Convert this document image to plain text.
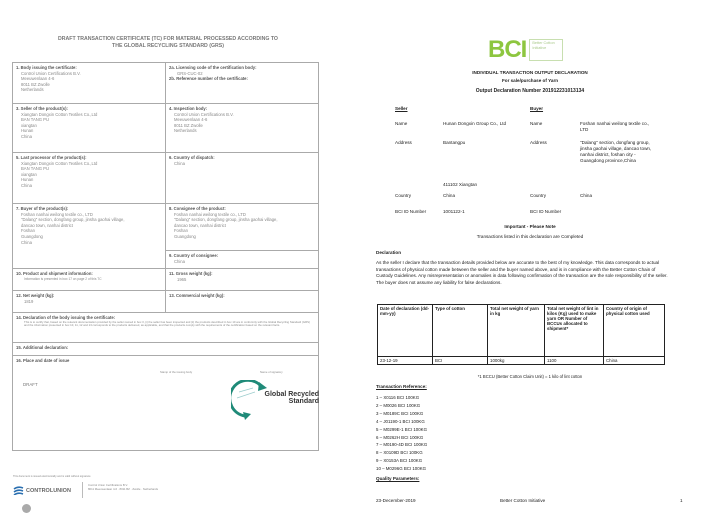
DRAFT TRANSACTION CERTIFICATE (TC) FOR MATERIAL PROCESSED ACCORDING TO
THE GLOBAL RECYCLING STANDARD (GRS)
1. Body issuing the certificate:
Control Union Certifications B.V.
Meeuwenlaan 4-6
8011 BZ Zwolle
Netherlands
2a. Licensing code of the certification body:
GRS-CUC-02
2b. Reference number of the certificate:
3. Seller of the product(s):
Xiangtan Dongxin Cotton Textiles Co.,Ltd
BAN TANG PU
xiangtan
Hunan
China
4. Inspection body:
Control Union Certifications B.V.
Meeuwenlaan 4-6
8011 BZ Zwolle
Netherlands
5. Last processor of the product(s):
Xiangtan Dongxin Cotton Textiles Co.,Ltd
BAN TANG PU
xiangtan
Hunan
China
6. Country of dispatch:
China
7. Buyer of the product(s):
Foshan nanhai weilong textile co., LTD
"Dalang" section, dongfang group, jinsha gaohai village,
dancao town, nanhai district
Foshan
Guangdong
China
8. Consignee of the product:
Foshan nanhai weilong textile co., LTD
"Dalang" section, dongfang group, jinsha gaohai village,
dancao town, nanhai district
Foshan
Guangdong
9. Country of consignee:
China
10. Product and shipment information:
Information is presented in box 17 on page 2 of this TC
11. Gross weight (kg):
1965
12. Net weight (kg):
1819
13. Commercial weight (kg):
14. Declaration of the body issuing the certificate:
This is to certify that, based on the relevant documentation provided by the seller named in box 3, (i) the seller has been inspected and (ii) the products described in box 10 are in conformity with the Global Recycling Standard (GRS) and the information presented in box 10, 11, 12 and 13 corresponds to the products delivered, as applicable, and that the products comply with the requirements of the certification based on the relevant facts.
15. Additional declaration:
16. Place and date of issue
Stamp of the issuing body	Name of signatory
DRAFT
Global Recycled Standard
This document is issued electronically and is valid without signature
CONTROLUNION
Control Union Certifications B.V.
8011 Meeuwenlaan 4-6 · 8011 BZ · Zwolle · Netherlands
BCI	Better Cotton Initiative
INDIVIDUAL TRANSACTION OUTPUT DECLARATION
For sale/purchase of Yarn
Output Declaration Number 201912231013134
Seller	Buyer
Name	Hunan Dongxin Group Co., Ltd	Name	Foshan nanhai weilong textile co., LTD
Address	Bantangpu	Address	"Dalang" section, dongfang group, jinsha gaohai village, dancao town, nanhai district, foshan city - Guangdong province,China
411102 Xiangtan
Country	China	Country	China
BCI ID Number	1001122-1	BCI ID Number
Important - Please Note
Transactions listed in this declaration are Completed
Declaration
As the seller I declare that the transaction details provided below are accurate to the best of my knowledge. This data corresponds to actual transactions of physical cotton made between the seller and the buyer named above, and is in compliance with the Better Cotton Chain of Custody Guidelines. Any misrepresentation or anomalies in data following confirmation of the transaction are the sole responsibility of the seller. The buyer does not assume any liability for false declarations.
Date of declaration (dd-mm-yy)	Type of cotton	Total net weight of yarn in kg	Total net weight of lint in kilos (Kg) used to make yarn OR Number of BCCUs allocated to shipment*	Country of origin of physical cotton used
23-12-19	BCI	1000kg	1100	China
*1 BCCU (Better Cotton Claim Unit) = 1 kilo of lint cotton
Transaction Reference:
1 – X0116 BCI 100KG
2 – M0026 BCI 100KG
3 – M0189C BCI 100KG
4 – J01190-1 BCI 100KG
5 – M0299E-1 BCI 100KG
6 – M0262H BCI 100KG
7 – M0190-4D BCI 100KG
8 – X0109D BCI 100KG
9 – X0153A BCI 100KG
10 – M0296G BCI 100KG
Quality Parameters:
23-December-2019	Better Cotton Initiative	1
